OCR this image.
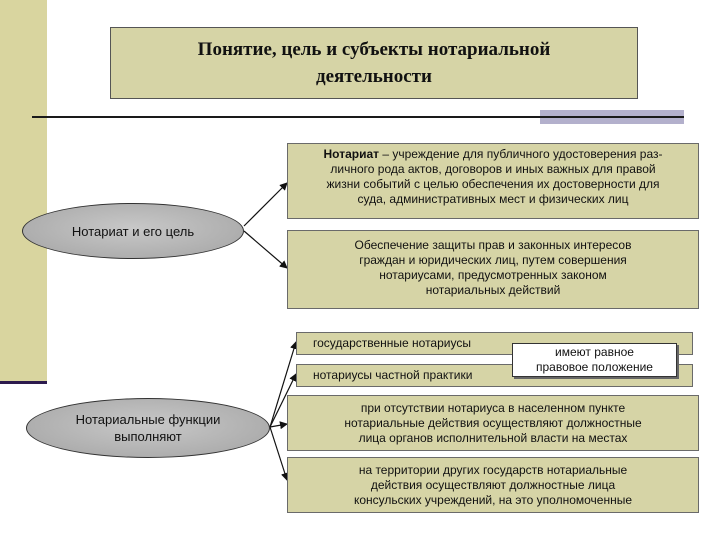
Понятие, цель и субъекты нотариальной
деятельности
Нотариат и его цель
Нотариальные функции
выполняют
Нотариат – учреждение для публичного удостоверения раз-
личного рода актов, договоров и иных важных для правой
жизни событий с целью обеспечения их достоверности для
суда, административных мест и физических лиц
Обеспечение защиты прав и законных интересов
граждан и юридических лиц, путем совершения
нотариусами, предусмотренных законом
нотариальных действий
государственные нотариусы
нотариусы частной практики
имеют равное
правовое положение
при отсутствии нотариуса в населенном пункте
нотариальные действия осуществляют должностные
лица органов исполнительной власти на местах
на территории других государств нотариальные
действия осуществляют должностные лица
консульских учреждений, на это уполномоченные
